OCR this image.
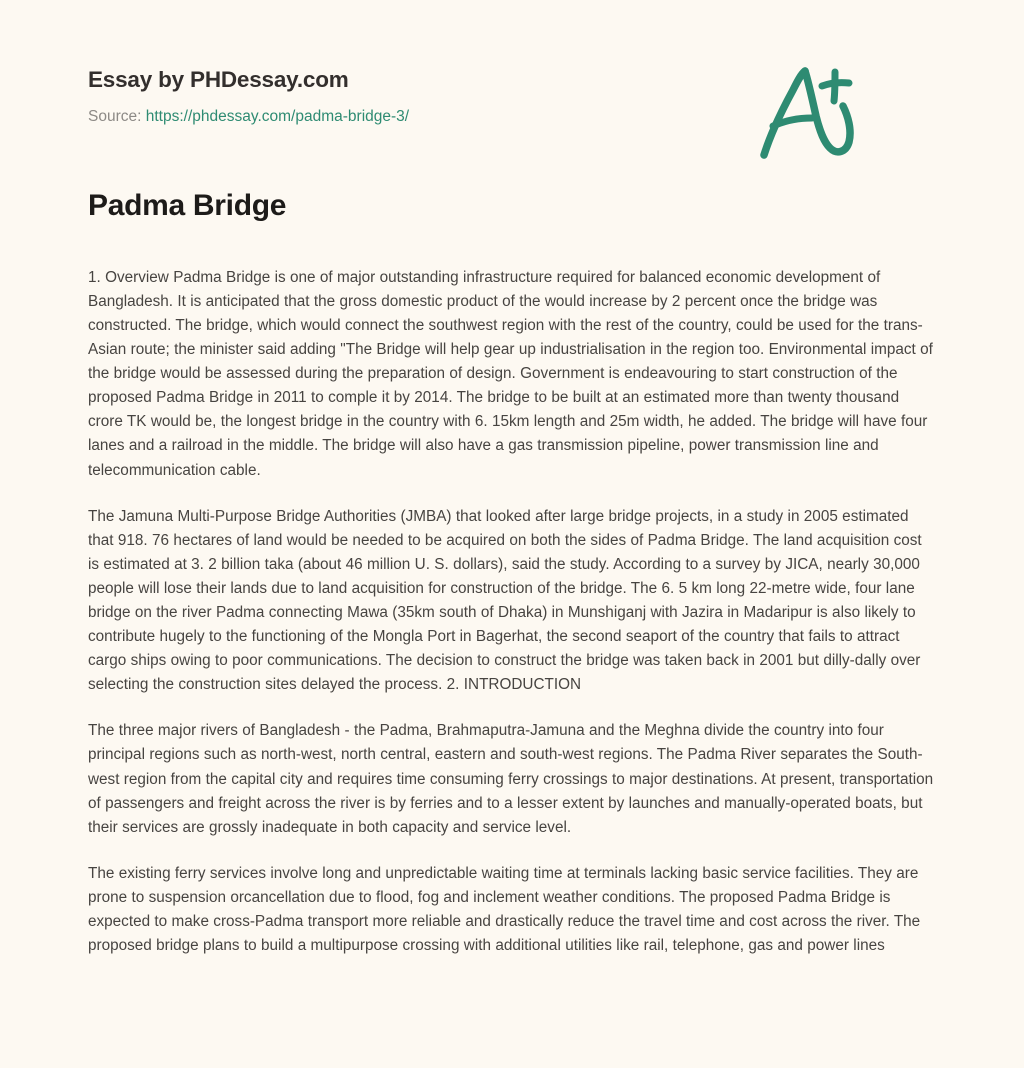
Essay by PHDessay.com
Source: https://phdessay.com/padma-bridge-3/
Padma Bridge

1. Overview Padma Bridge is one of major outstanding infrastructure required for balanced economic development of Bangladesh. It is anticipated that the gross domestic product of the would increase by 2 percent once the bridge was constructed. The bridge, which would connect the southwest region with the rest of the country, could be used for the trans-Asian route; the minister said adding "The Bridge will help gear up industrialisation in the region too. Environmental impact of the bridge would be assessed during the preparation of design. Government is endeavouring to start construction of the proposed Padma Bridge in 2011 to comple it by 2014. The bridge to be built at an estimated more than twenty thousand crore TK would be, the longest bridge in the country with 6. 15km length and 25m width, he added. The bridge will have four lanes and a railroad in the middle. The bridge will also have a gas transmission pipeline, power transmission line and telecommunication cable.

The Jamuna Multi-Purpose Bridge Authorities (JMBA) that looked after large bridge projects, in a study in 2005 estimated that 918. 76 hectares of land would be needed to be acquired on both the sides of Padma Bridge. The land acquisition cost is estimated at 3. 2 billion taka (about 46 million U. S. dollars), said the study. According to a survey by JICA, nearly 30,000 people will lose their lands due to land acquisition for construction of the bridge. The 6. 5 km long 22-metre wide, four lane bridge on the river Padma connecting Mawa (35km south of Dhaka) in Munshiganj with Jazira in Madaripur is also likely to contribute hugely to the functioning of the Mongla Port in Bagerhat, the second seaport of the country that fails to attract cargo ships owing to poor communications. The decision to construct the bridge was taken back in 2001 but dilly-dally over selecting the construction sites delayed the process. 2. INTRODUCTION

The three major rivers of Bangladesh - the Padma, Brahmaputra-Jamuna and the Meghna divide the country into four principal regions such as north-west, north central, eastern and south-west regions. The Padma River separates the South-west region from the capital city and requires time consuming ferry crossings to major destinations. At present, transportation of passengers and freight across the river is by ferries and to a lesser extent by launches and manually-operated boats, but their services are grossly inadequate in both capacity and service level.

The existing ferry services involve long and unpredictable waiting time at terminals lacking basic service facilities. They are prone to suspension orcancellation due to flood, fog and inclement weather conditions. The proposed Padma Bridge is expected to make cross-Padma transport more reliable and drastically reduce the travel time and cost across the river. The proposed bridge plans to build a multipurpose crossing with additional utilities like rail, telephone, gas and power lines
